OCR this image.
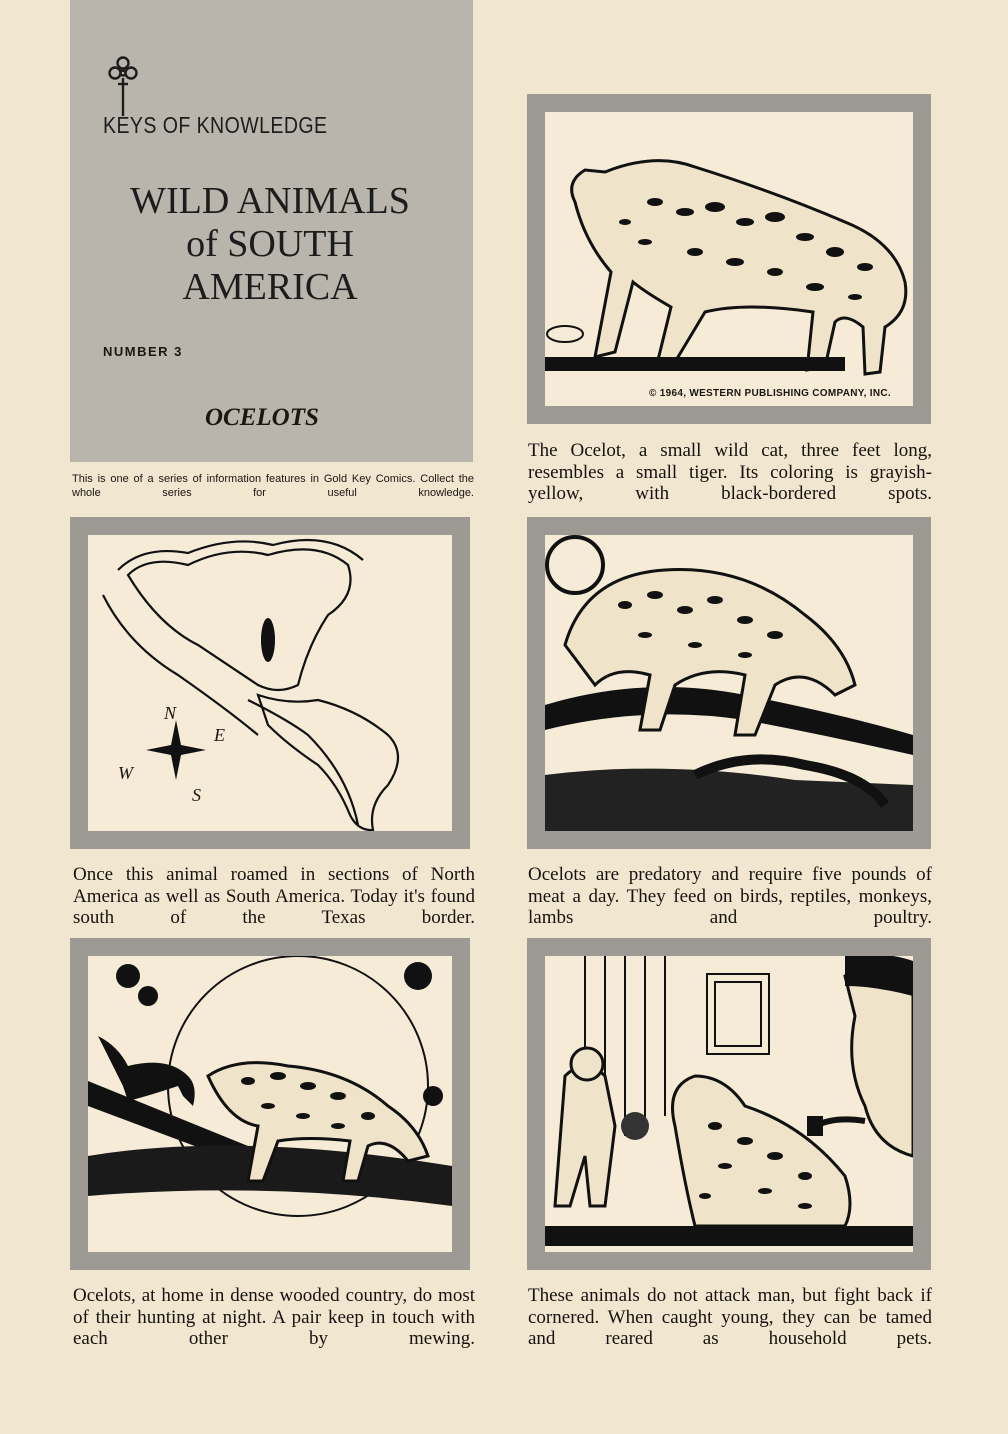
KEYS OF KNOWLEDGE
WILD ANIMALS
of SOUTH
AMERICA
NUMBER 3
OCELOTS
This is one of a series of information features in Gold Key Comics. Collect the whole series for useful knowledge.
© 1964, WESTERN PUBLISHING COMPANY, INC.
The Ocelot, a small wild cat, three feet long, resembles a small tiger. Its coloring is grayish-yellow, with black-bordered spots.
N
E
W
S
Once this animal roamed in sections of North America as well as South America. Today it's found south of the Texas border.
Ocelots are predatory and require five pounds of meat a day. They feed on birds, reptiles, monkeys, lambs and poultry.
Ocelots, at home in dense wooded country, do most of their hunting at night. A pair keep in touch with each other by mewing.
These animals do not attack man, but fight back if cornered. When caught young, they can be tamed and reared as household pets.
